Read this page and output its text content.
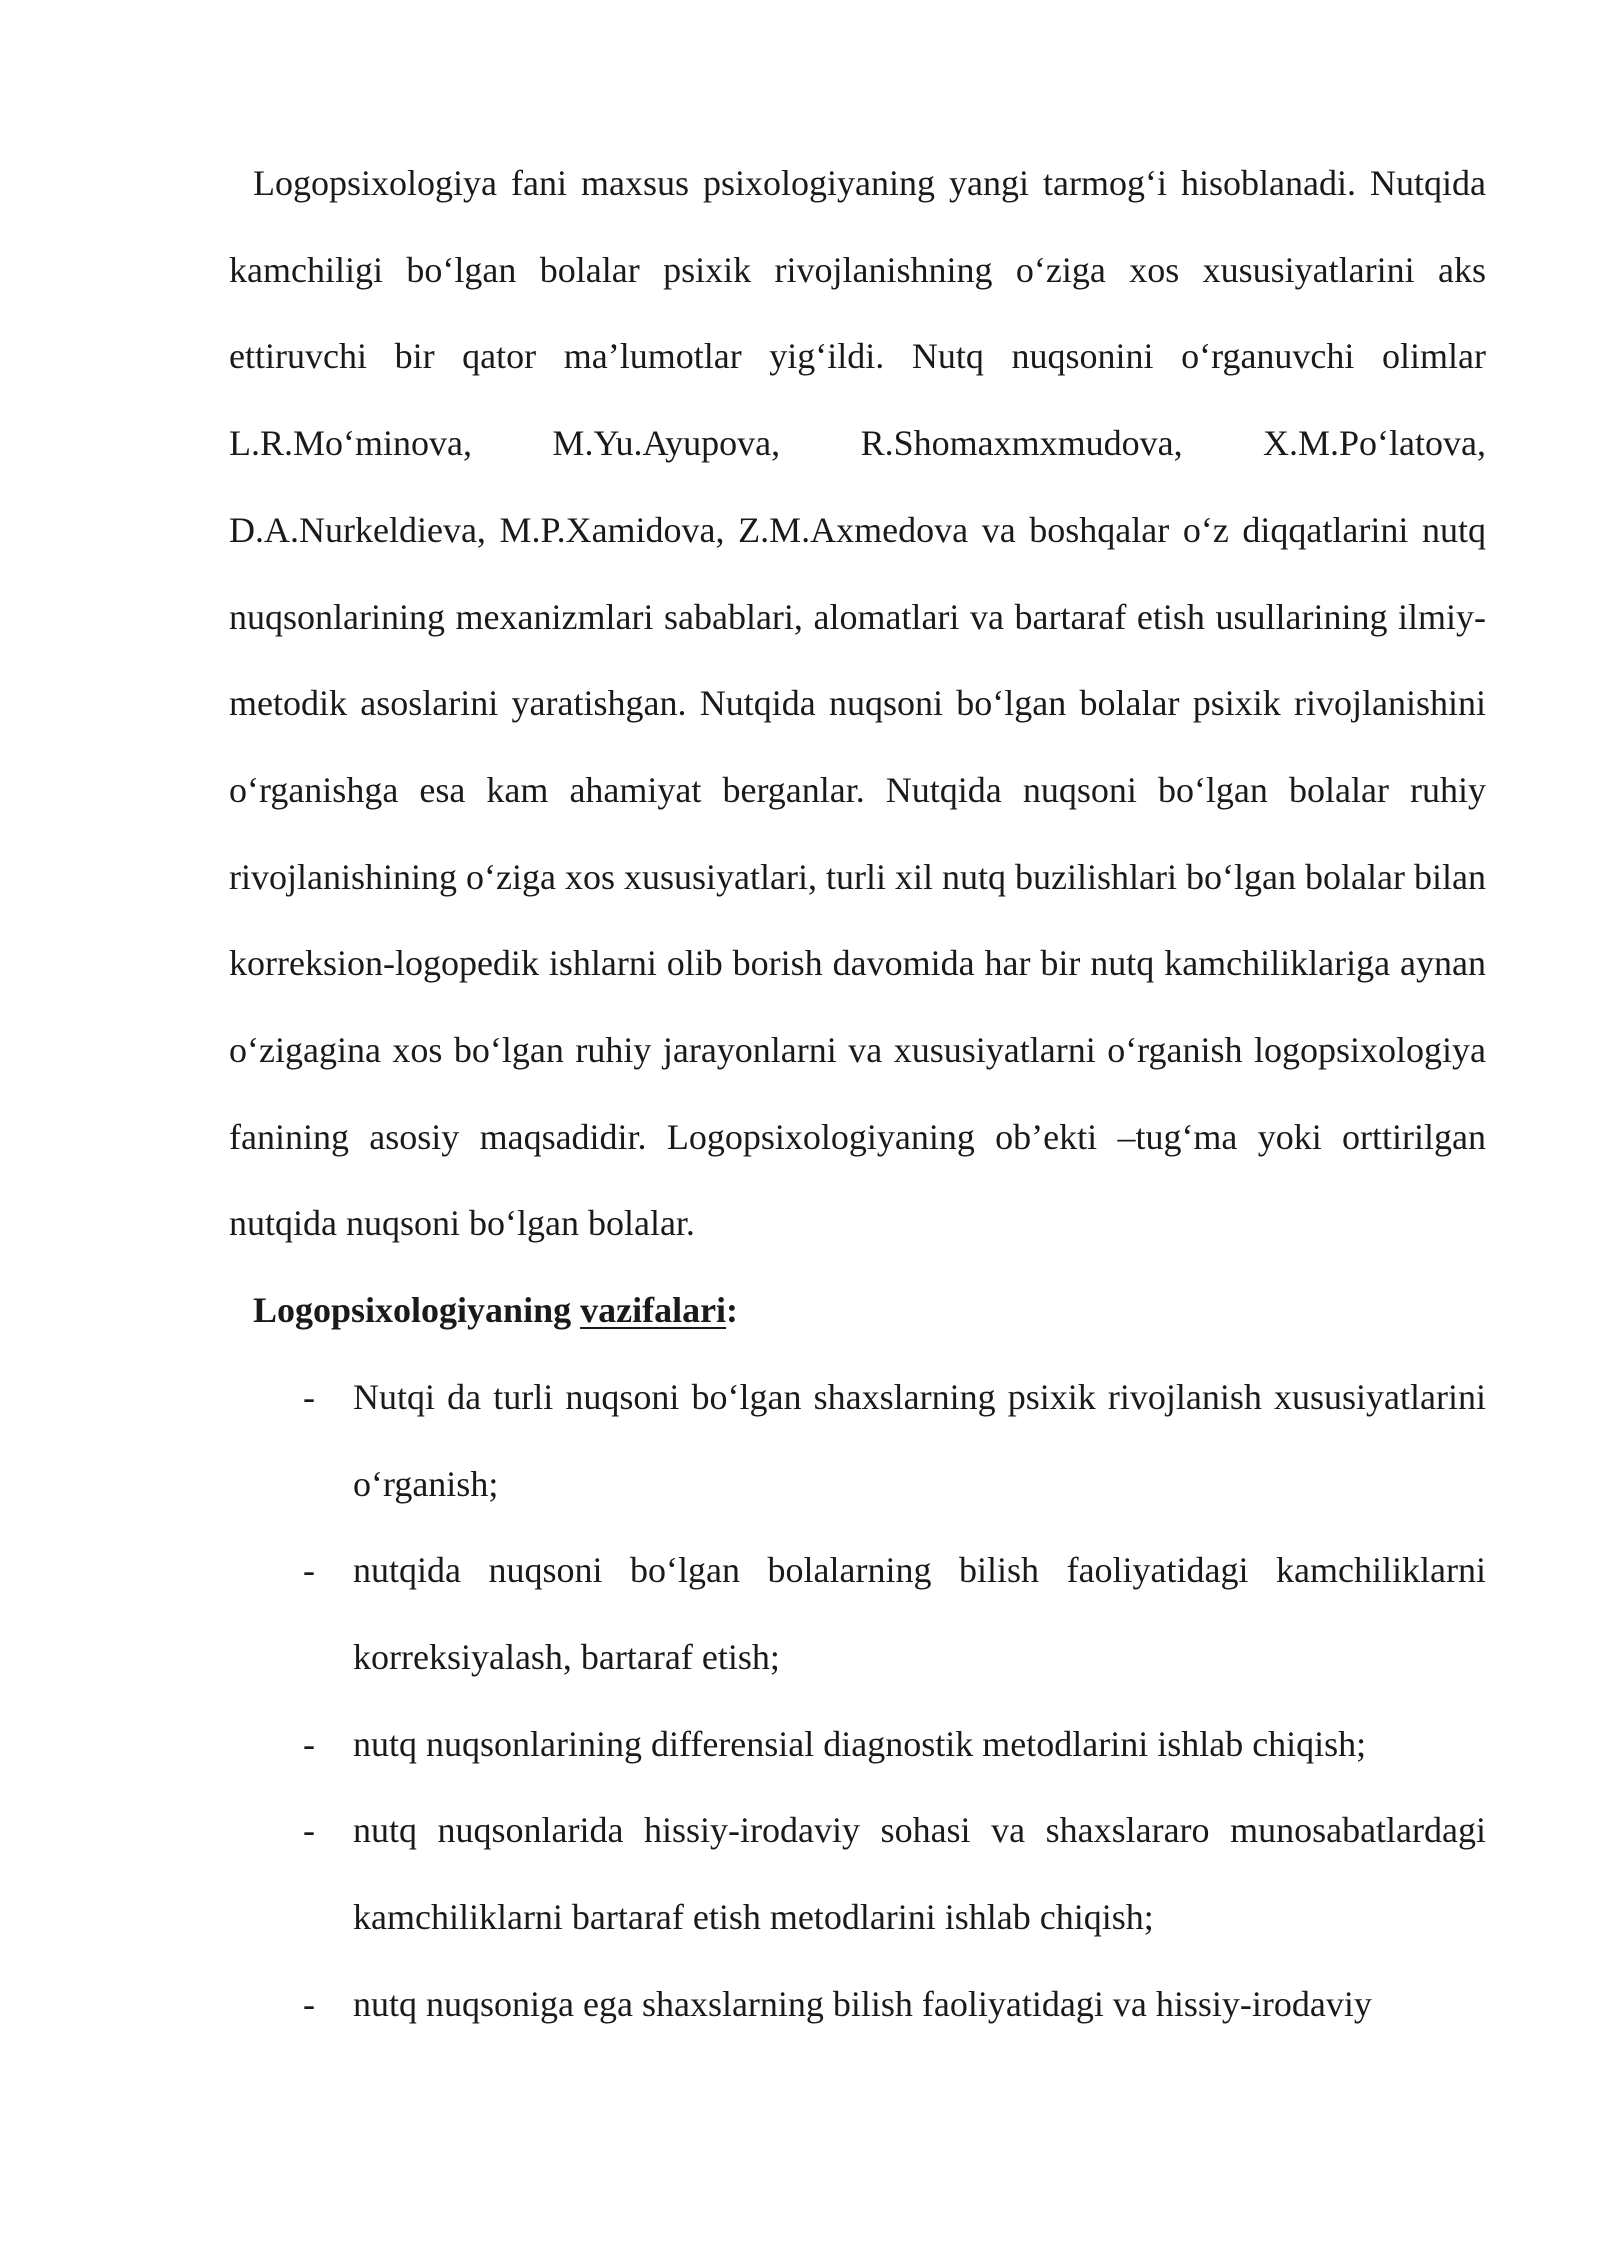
Logopsixologiya fani maxsus psixologiyaning yangi tarmog‘i hisoblanadi. Nutqida kamchiligi bo‘lgan bolalar psixik rivojlanishning o‘ziga xos xususiyatlarini aks ettiruvchi bir qator ma’lumotlar yig‘ildi. Nutq nuqsonini o‘rganuvchi olimlar L.R.Mo‘minova, M.Yu.Ayupova, R.Shomaxmxmudova, X.M.Po‘latova, D.A.Nurkeldieva, M.P.Xamidova, Z.M.Axmedova va boshqalar o‘z diqqatlarini nutq nuqsonlarining mexanizmlari sabablari, alomatlari va bartaraf etish usullarining ilmiy-metodik asoslarini yaratishgan. Nutqida nuqsoni bo‘lgan bolalar psixik rivojlanishini o‘rganishga esa kam ahamiyat berganlar. Nutqida nuqsoni bo‘lgan bolalar ruhiy rivojlanishining o‘ziga xos xususiyatlari, turli xil nutq buzilishlari bo‘lgan bolalar bilan korreksion-logopedik ishlarni olib borish davomida har bir nutq kamchiliklariga aynan o‘zigagina xos bo‘lgan ruhiy jarayonlarni va xususiyatlarni o‘rganish logopsixologiya fanining asosiy maqsadidir. Logopsixologiyaning ob’ekti –tug‘ma yoki orttirilgan nutqida nuqsoni bo‘lgan bolalar.

Logopsixologiyaning vazifalari:

- Nutqi da turli nuqsoni bo‘lgan shaxslarning psixik rivojlanish xususiyatlarini o‘rganish;
- nutqida nuqsoni bo‘lgan bolalarning bilish faoliyatidagi kamchiliklarni korreksiyalash, bartaraf etish;
- nutq nuqsonlarining differensial diagnostik metodlarini ishlab chiqish;
- nutq nuqsonlarida hissiy-irodaviy sohasi va shaxslararo munosabatlardagi kamchiliklarni bartaraf etish metodlarini ishlab chiqish;
- nutq nuqsoniga ega shaxslarning bilish faoliyatidagi va hissiy-irodaviy
